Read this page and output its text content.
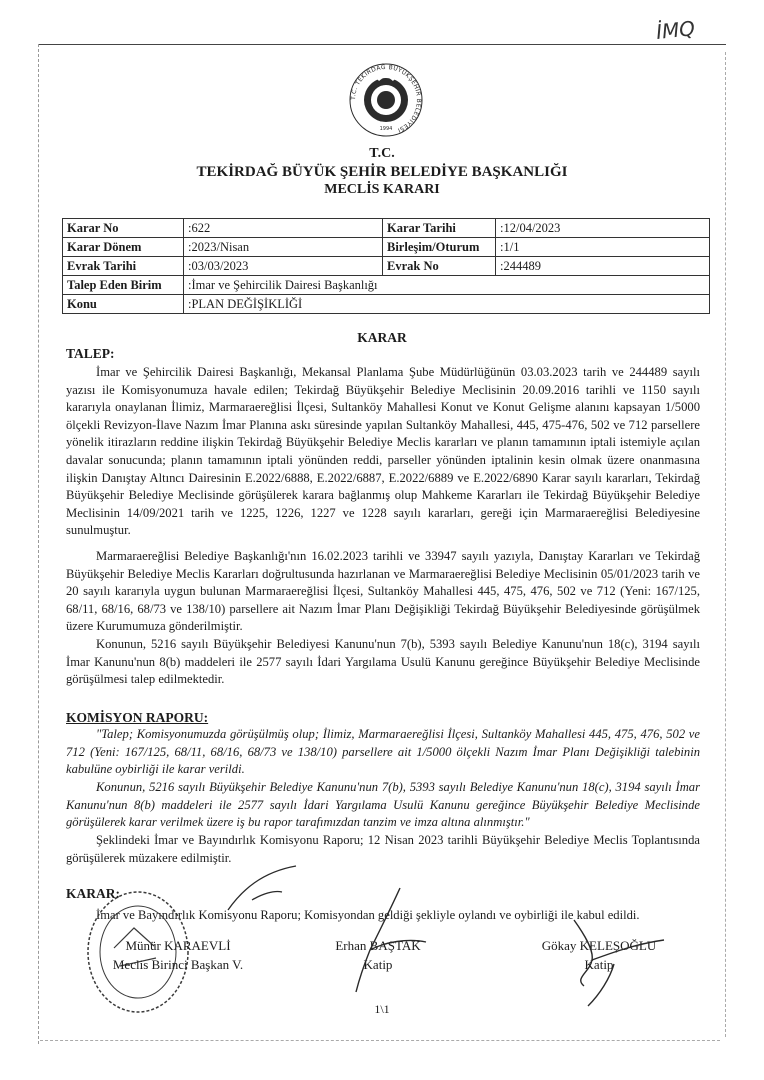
İMQ
T.C. TEKİRDAĞ BÜYÜKŞEHİR BELEDİYESİ
1994
T.C.
TEKİRDAĞ BÜYÜK ŞEHİR BELEDİYE BAŞKANLIĞI
MECLİS KARARI
Karar No	:622	Karar Tarihi	:12/04/2023
Karar Dönem	:2023/Nisan	Birleşim/Oturum	:1/1
Evrak Tarihi	:03/03/2023	Evrak No	:244489
Talep Eden Birim	:İmar ve Şehircilik Dairesi Başkanlığı		
Konu	:PLAN DEĞİŞİKLİĞİ		
KARAR
TALEP:
İmar ve Şehircilik Dairesi Başkanlığı, Mekansal Planlama Şube Müdürlüğünün 03.03.2023 tarih ve 244489 sayılı yazısı ile Komisyonumuza havale edilen; Tekirdağ Büyükşehir Belediye Meclisinin 20.09.2016 tarihli ve 1150 sayılı kararıyla onaylanan İlimiz, Marmaraereğlisi İlçesi, Sultanköy Mahallesi Konut ve Konut Gelişme alanını kapsayan 1/5000 ölçekli Revizyon-İlave Nazım İmar Planına askı süresinde yapılan Sultanköy Mahallesi, 445, 475-476, 502 ve 712 parsellere yönelik itirazların reddine ilişkin Tekirdağ Büyükşehir Belediye Meclis kararları ve planın tamamının iptali istemiyle açılan davalar sonucunda; planın tamamının iptali yönünden reddi, parseller yönünden iptalinin kesin olmak üzere onanmasına ilişkin Danıştay Altıncı Dairesinin E.2022/6888, E.2022/6887, E.2022/6889 ve E.2022/6890 Karar sayılı kararları, Tekirdağ Büyükşehir Belediye Meclisinde görüşülerek karara bağlanmış olup Mahkeme Kararları ile Tekirdağ Büyükşehir Belediye Meclisinin 14/09/2021 tarih ve 1225, 1226, 1227 ve 1228 sayılı kararları, gereği için Marmaraereğlisi Belediyesine sunulmuştur.
Marmaraereğlisi Belediye Başkanlığı'nın 16.02.2023 tarihli ve 33947 sayılı yazıyla, Danıştay Kararları ve Tekirdağ Büyükşehir Belediye Meclis Kararları doğrultusunda hazırlanan ve Marmaraereğlisi Belediye Meclisinin 05/01/2023 tarih ve 20 sayılı kararıyla uygun bulunan Marmaraereğlisi İlçesi, Sultanköy Mahallesi 445, 475, 476, 502 ve 712 (Yeni: 167/125, 68/11, 68/16, 68/73 ve 138/10) parsellere ait Nazım İmar Planı Değişikliği Tekirdağ Büyükşehir Belediyesinde görüşülmek üzere Kurumumuza gönderilmiştir.
Konunun, 5216 sayılı Büyükşehir Belediyesi Kanunu'nun 7(b), 5393 sayılı Belediye Kanunu'nun 18(c), 3194 sayılı İmar Kanunu'nun 8(b) maddeleri ile 2577 sayılı İdari Yargılama Usulü Kanunu gereğince Büyükşehir Belediye Meclisinde görüşülmesi talep edilmektedir.
KOMİSYON RAPORU:
"Talep; Komisyonumuzda görüşülmüş olup; İlimiz, Marmaraereğlisi İlçesi, Sultanköy Mahallesi 445, 475, 476, 502 ve 712 (Yeni: 167/125, 68/11, 68/16, 68/73 ve 138/10) parsellere ait 1/5000 ölçekli Nazım İmar Planı Değişikliği talebinin kabulüne oybirliği ile karar verildi.
Konunun, 5216 sayılı Büyükşehir Belediye Kanunu'nun 7(b), 5393 sayılı Belediye Kanunu'nun 18(c), 3194 sayılı İmar Kanunu'nun 8(b) maddeleri ile 2577 sayılı İdari Yargılama Usulü Kanunu gereğince Büyükşehir Belediye Meclisinde görüşülerek karar verilmek üzere iş bu rapor tarafımızdan tanzim ve imza altına alınmıştır."
Şeklindeki İmar ve Bayındırlık Komisyonu Raporu; 12 Nisan 2023 tarihli Büyükşehir Belediye Meclis Toplantısında görüşülerek müzakere edilmiştir.
KARAR:
İmar ve Bayındırlık Komisyonu Raporu; Komisyondan geldiği şekliyle oylandı ve oybirliği ile kabul edildi.
Münür KARAEVLİ
Meclis Birinci Başkan V.
Erhan BAŞTAK
Katip
Gökay KELEŞOĞLU
Katip
1\1
